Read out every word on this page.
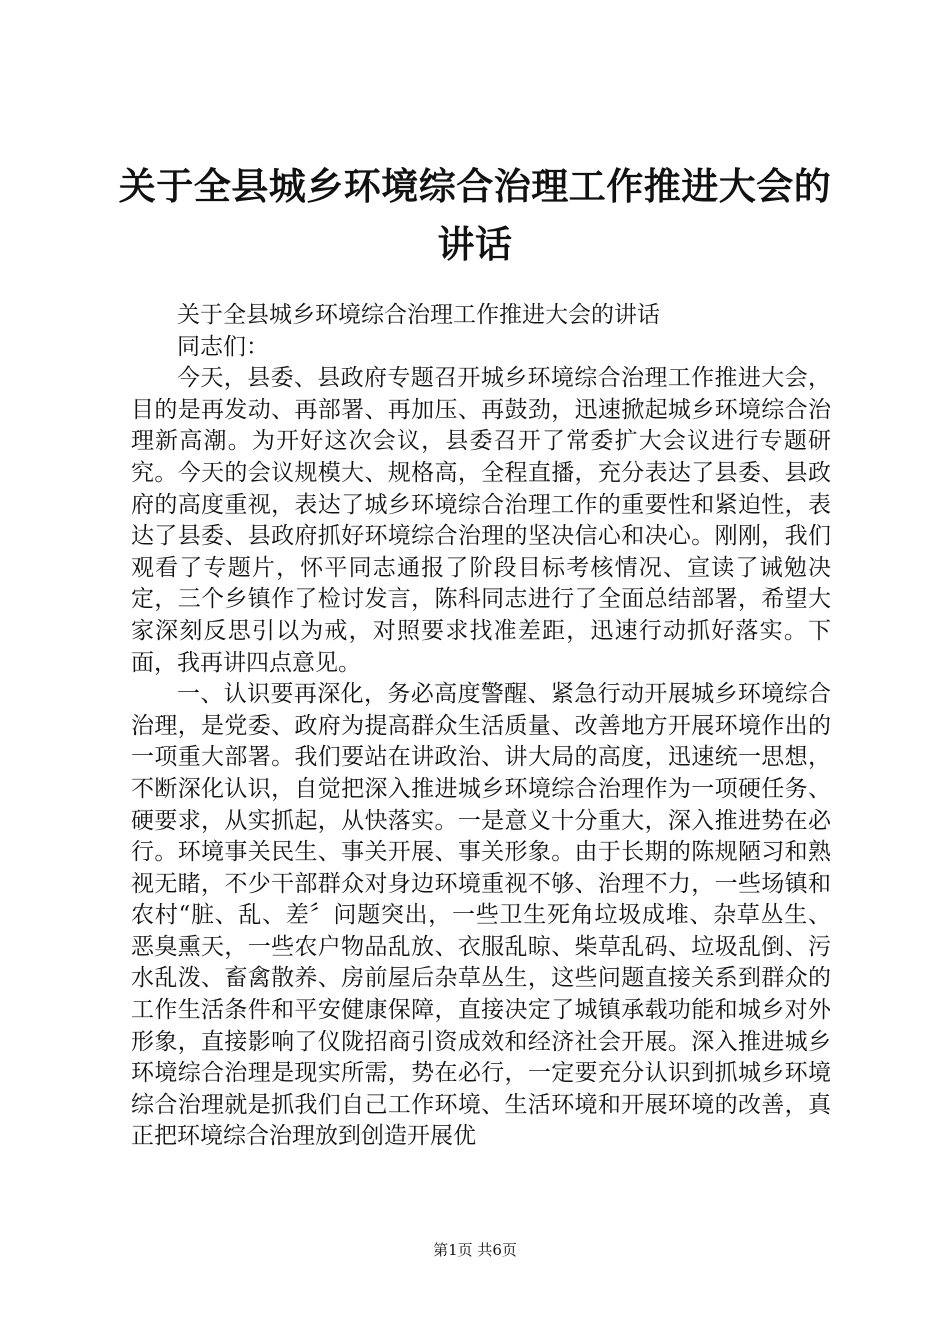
关于全县城乡环境综合治理工作推进大会的讲话

关于全县城乡环境综合治理工作推进大会的讲话

同志们：

今天，县委、县政府专题召开城乡环境综合治理工作推进大会，目的是再发动、再部署、再加压、再鼓劲，迅速掀起城乡环境综合治理新高潮。为开好这次会议，县委召开了常委扩大会议进行专题研究。今天的会议规模大、规格高，全程直播，充分表达了县委、县政府的高度重视，表达了城乡环境综合治理工作的重要性和紧迫性，表达了县委、县政府抓好环境综合治理的坚决信心和决心。刚刚，我们观看了专题片，怀平同志通报了阶段目标考核情况、宣读了诫勉决定，三个乡镇作了检讨发言，陈科同志进行了全面总结部署，希望大家深刻反思引以为戒，对照要求找准差距，迅速行动抓好落实。下面，我再讲四点意见。

一、认识要再深化，务必高度警醒、紧急行动开展城乡环境综合治理，是党委、政府为提高群众生活质量、改善地方开展环境作出的一项重大部署。我们要站在讲政治、讲大局的高度，迅速统一思想，不断深化认识，自觉把深入推进城乡环境综合治理作为一项硬任务、硬要求，从实抓起，从快落实。一是意义十分重大，深入推进势在必行。环境事关民生、事关开展、事关形象。由于长期的陈规陋习和熟视无睹，不少干部群众对身边环境重视不够、治理不力，一些场镇和农村“脏、乱、差〞问题突出，一些卫生死角垃圾成堆、杂草丛生、恶臭熏天，一些农户物品乱放、衣服乱晾、柴草乱码、垃圾乱倒、污水乱泼、畜禽散养、房前屋后杂草丛生，这些问题直接关系到群众的工作生活条件和平安健康保障，直接决定了城镇承载功能和城乡对外形象，直接影响了仪陇招商引资成效和经济社会开展。深入推进城乡环境综合治理是现实所需，势在必行，一定要充分认识到抓城乡环境综合治理就是抓我们自己工作环境、生活环境和开展环境的改善，真正把环境综合治理放到创造开展优

第1页 共6页
